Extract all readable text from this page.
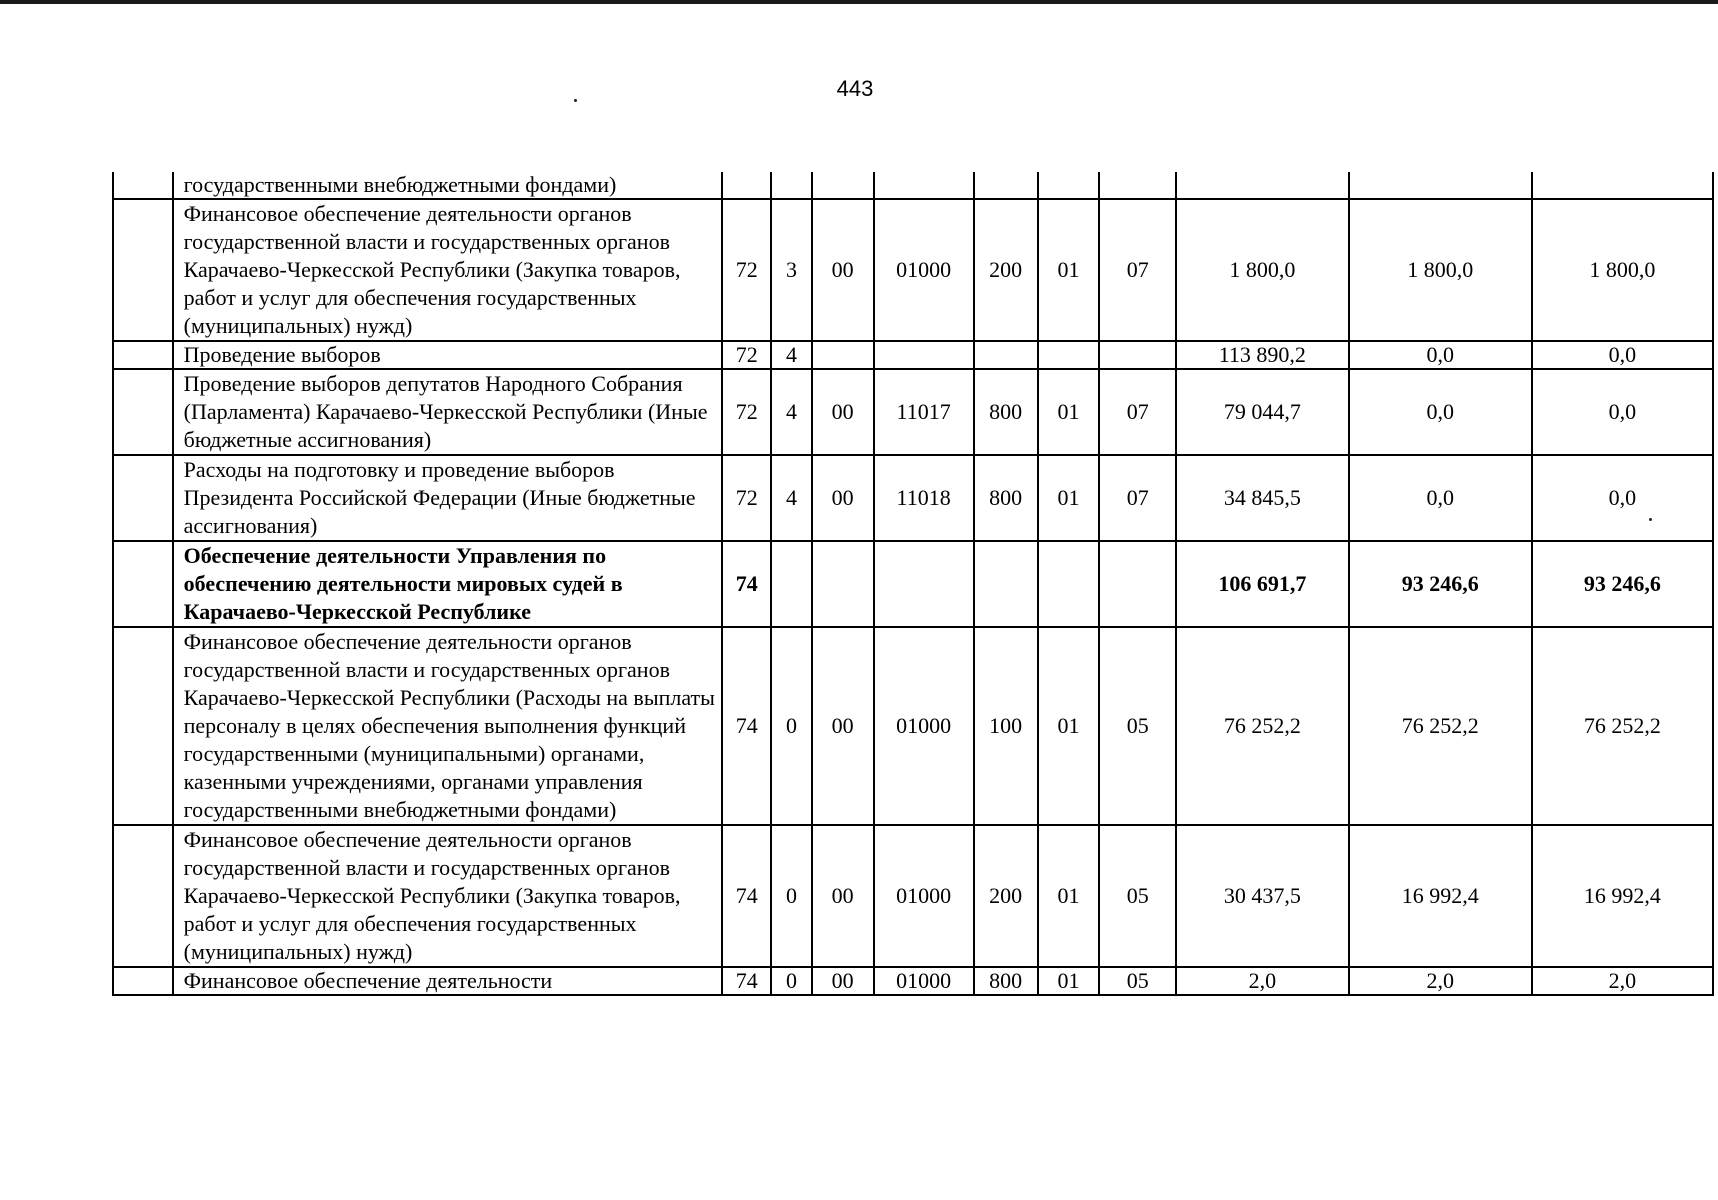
443
	государственными внебюджетными фондами)										
	Финансовое обеспечение деятельности органов государственной власти и государственных органов Карачаево-Черкесской Республики (Закупка товаров, работ и услуг для обеспечения государственных (муниципальных) нужд)	72	3	00	01000	200	01	07	1 800,0	1 800,0	1 800,0
	Проведение выборов	72	4						113 890,2	0,0	0,0
	Проведение выборов депутатов Народного Собрания (Парламента) Карачаево-Черкесской Республики (Иные бюджетные ассигнования)	72	4	00	11017	800	01	07	79 044,7	0,0	0,0
	Расходы на подготовку и проведение выборов Президента Российской Федерации (Иные бюджетные ассигнования)	72	4	00	11018	800	01	07	34 845,5	0,0	0,0
	Обеспечение деятельности Управления по обеспечению деятельности мировых судей в Карачаево-Черкесской Республике	74							106 691,7	93 246,6	93 246,6
	Финансовое обеспечение деятельности органов государственной власти и государственных органов Карачаево-Черкесской Республики (Расходы на выплаты персоналу в целях обеспечения выполнения функций государственными (муниципальными) органами, казенными учреждениями, органами управления государственными внебюджетными фондами)	74	0	00	01000	100	01	05	76 252,2	76 252,2	76 252,2
	Финансовое обеспечение деятельности органов государственной власти и государственных органов Карачаево-Черкесской Республики (Закупка товаров, работ и услуг для обеспечения государственных (муниципальных) нужд)	74	0	00	01000	200	01	05	30 437,5	16 992,4	16 992,4
	Финансовое обеспечение деятельности	74	0	00	01000	800	01	05	2,0	2,0	2,0
